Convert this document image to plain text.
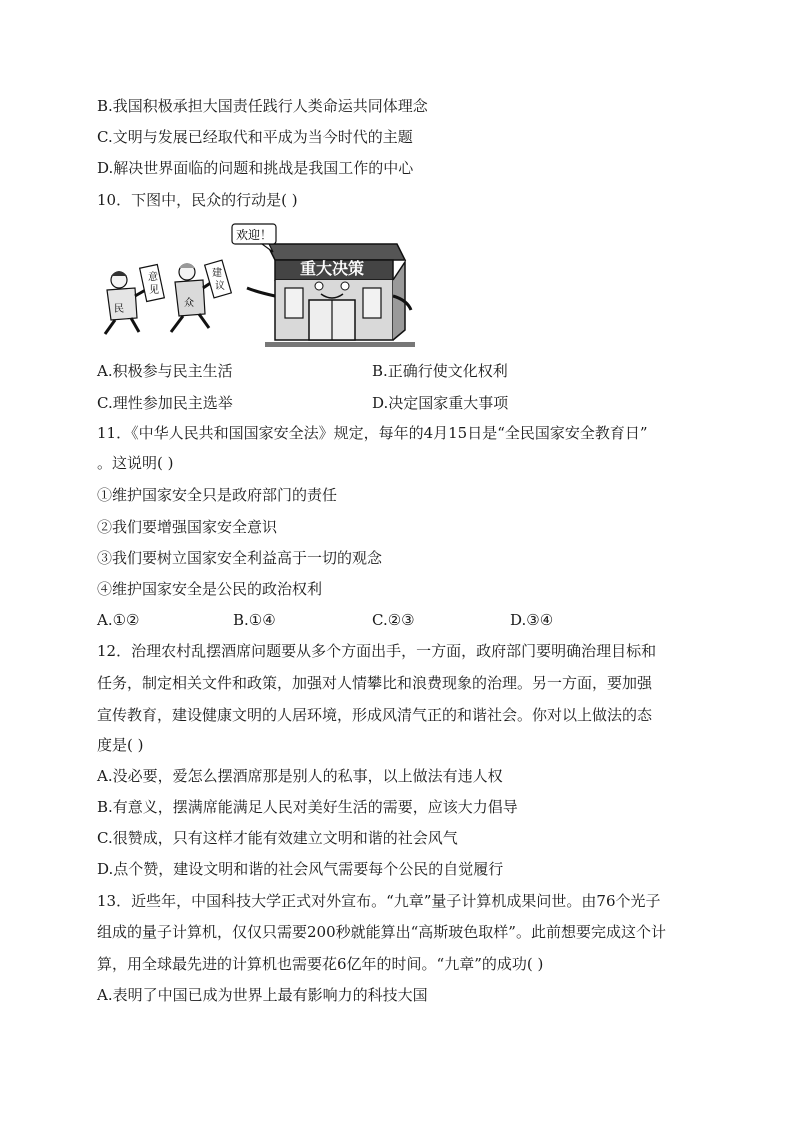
B.我国积极承担大国责任践行人类命运共同体理念
C.文明与发展已经取代和平成为当今时代的主题
D.解决世界面临的问题和挑战是我国工作的中心
10．下图中，民众的行动是( )
重大决策
欢迎！
民
意
见
众
建
议
A.积极参与民主生活	B.正确行使文化权利
C.理性参加民主选举	D.决定国家重大事项
11．《中华人民共和国国家安全法》规定，每年的4月15日是“全民国家安全教育日”
。这说明( )
①维护国家安全只是政府部门的责任
②我们要增强国家安全意识
③我们要树立国家安全利益高于一切的观念
④维护国家安全是公民的政治权利
A.①②	B.①④	C.②③	D.③④
12．治理农村乱摆酒席问题要从多个方面出手，一方面，政府部门要明确治理目标和
任务，制定相关文件和政策，加强对人情攀比和浪费现象的治理。另一方面，要加强
宣传教育，建设健康文明的人居环境，形成风清气正的和谐社会。你对以上做法的态
度是( )
A.没必要，爱怎么摆酒席那是别人的私事，以上做法有违人权
B.有意义，摆满席能满足人民对美好生活的需要，应该大力倡导
C.很赞成，只有这样才能有效建立文明和谐的社会风气
D.点个赞，建设文明和谐的社会风气需要每个公民的自觉履行
13．近些年，中国科技大学正式对外宣布。“九章”量子计算机成果问世。由76个光子
组成的量子计算机，仅仅只需要200秒就能算出“高斯玻色取样”。此前想要完成这个计
算，用全球最先进的计算机也需要花6亿年的时间。“九章”的成功( )
A.表明了中国已成为世界上最有影响力的科技大国
